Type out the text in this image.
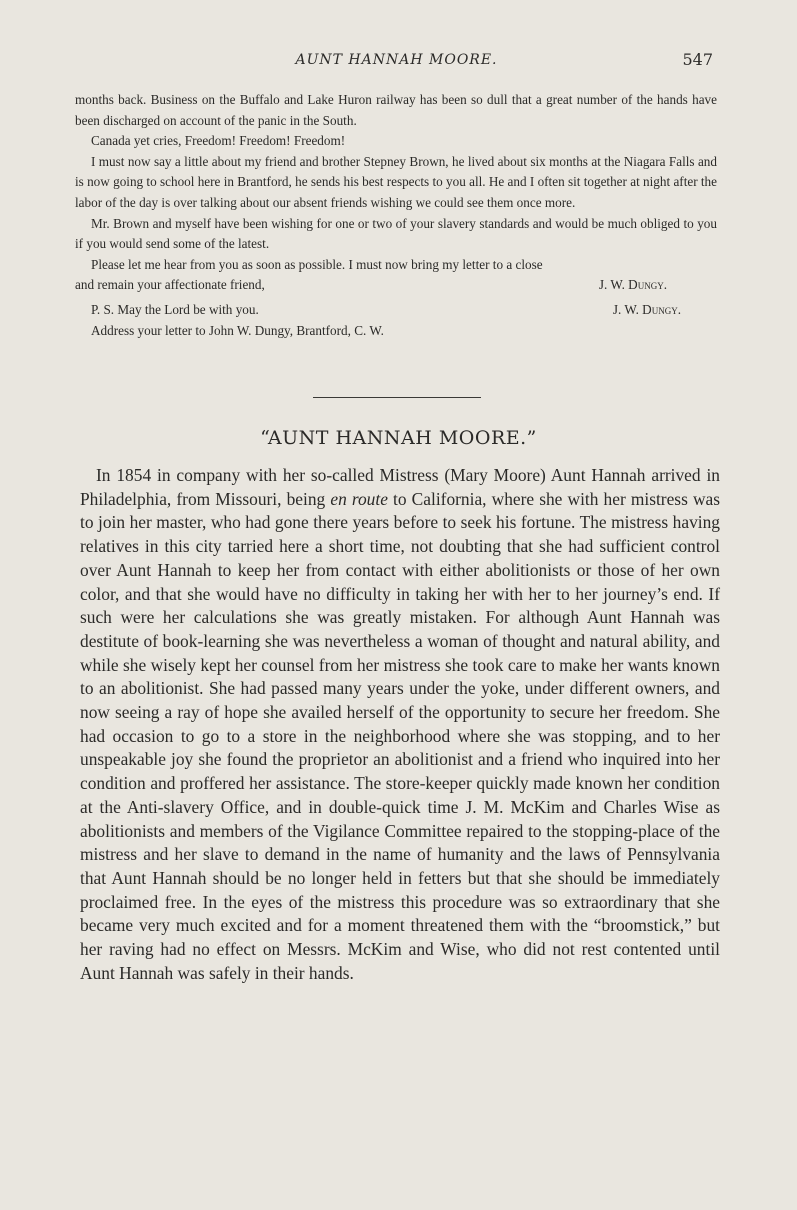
AUNT HANNAH MOORE.	547

months back. Business on the Buffalo and Lake Huron railway has been so dull that a great number of the hands have been discharged on account of the panic in the South.

Canada yet cries, Freedom! Freedom! Freedom!

I must now say a little about my friend and brother Stepney Brown, he lived about six months at the Niagara Falls and is now going to school here in Brantford, he sends his best respects to you all. He and I often sit together at night after the labor of the day is over talking about our absent friends wishing we could see them once more.

Mr. Brown and myself have been wishing for one or two of your slavery standards and would be much obliged to you if you would send some of the latest.

Please let me hear from you as soon as possible. I must now bring my letter to a close

and remain your affectionate friend,	J. W. Dungy.
P. S. May the Lord be with you.	J. W. Dungy.
Address your letter to John W. Dungy, Brantford, C. W.
“AUNT HANNAH MOORE.”

In 1854 in company with her so-called Mistress (Mary Moore) Aunt Hannah arrived in Philadelphia, from Missouri, being en route to California, where she with her mistress was to join her master, who had gone there years before to seek his fortune. The mistress having relatives in this city tarried here a short time, not doubting that she had sufficient control over Aunt Hannah to keep her from contact with either abolitionists or those of her own color, and that she would have no difficulty in taking her with her to her journey’s end. If such were her calculations she was greatly mistaken. For although Aunt Hannah was destitute of book-learning she was nevertheless a woman of thought and natural ability, and while she wisely kept her counsel from her mistress she took care to make her wants known to an abolitionist. She had passed many years under the yoke, under different owners, and now seeing a ray of hope she availed herself of the opportunity to secure her freedom. She had occasion to go to a store in the neighborhood where she was stopping, and to her unspeakable joy she found the proprietor an abolitionist and a friend who inquired into her condition and proffered her assistance. The store-keeper quickly made known her condition at the Anti-slavery Office, and in double-quick time J. M. McKim and Charles Wise as abolitionists and members of the Vigilance Committee repaired to the stopping-place of the mistress and her slave to demand in the name of humanity and the laws of Pennsylvania that Aunt Hannah should be no longer held in fetters but that she should be immediately proclaimed free. In the eyes of the mistress this procedure was so extraordinary that she became very much excited and for a moment threatened them with the “broomstick,” but her raving had no effect on Messrs. McKim and Wise, who did not rest contented until Aunt Hannah was safely in their hands.
